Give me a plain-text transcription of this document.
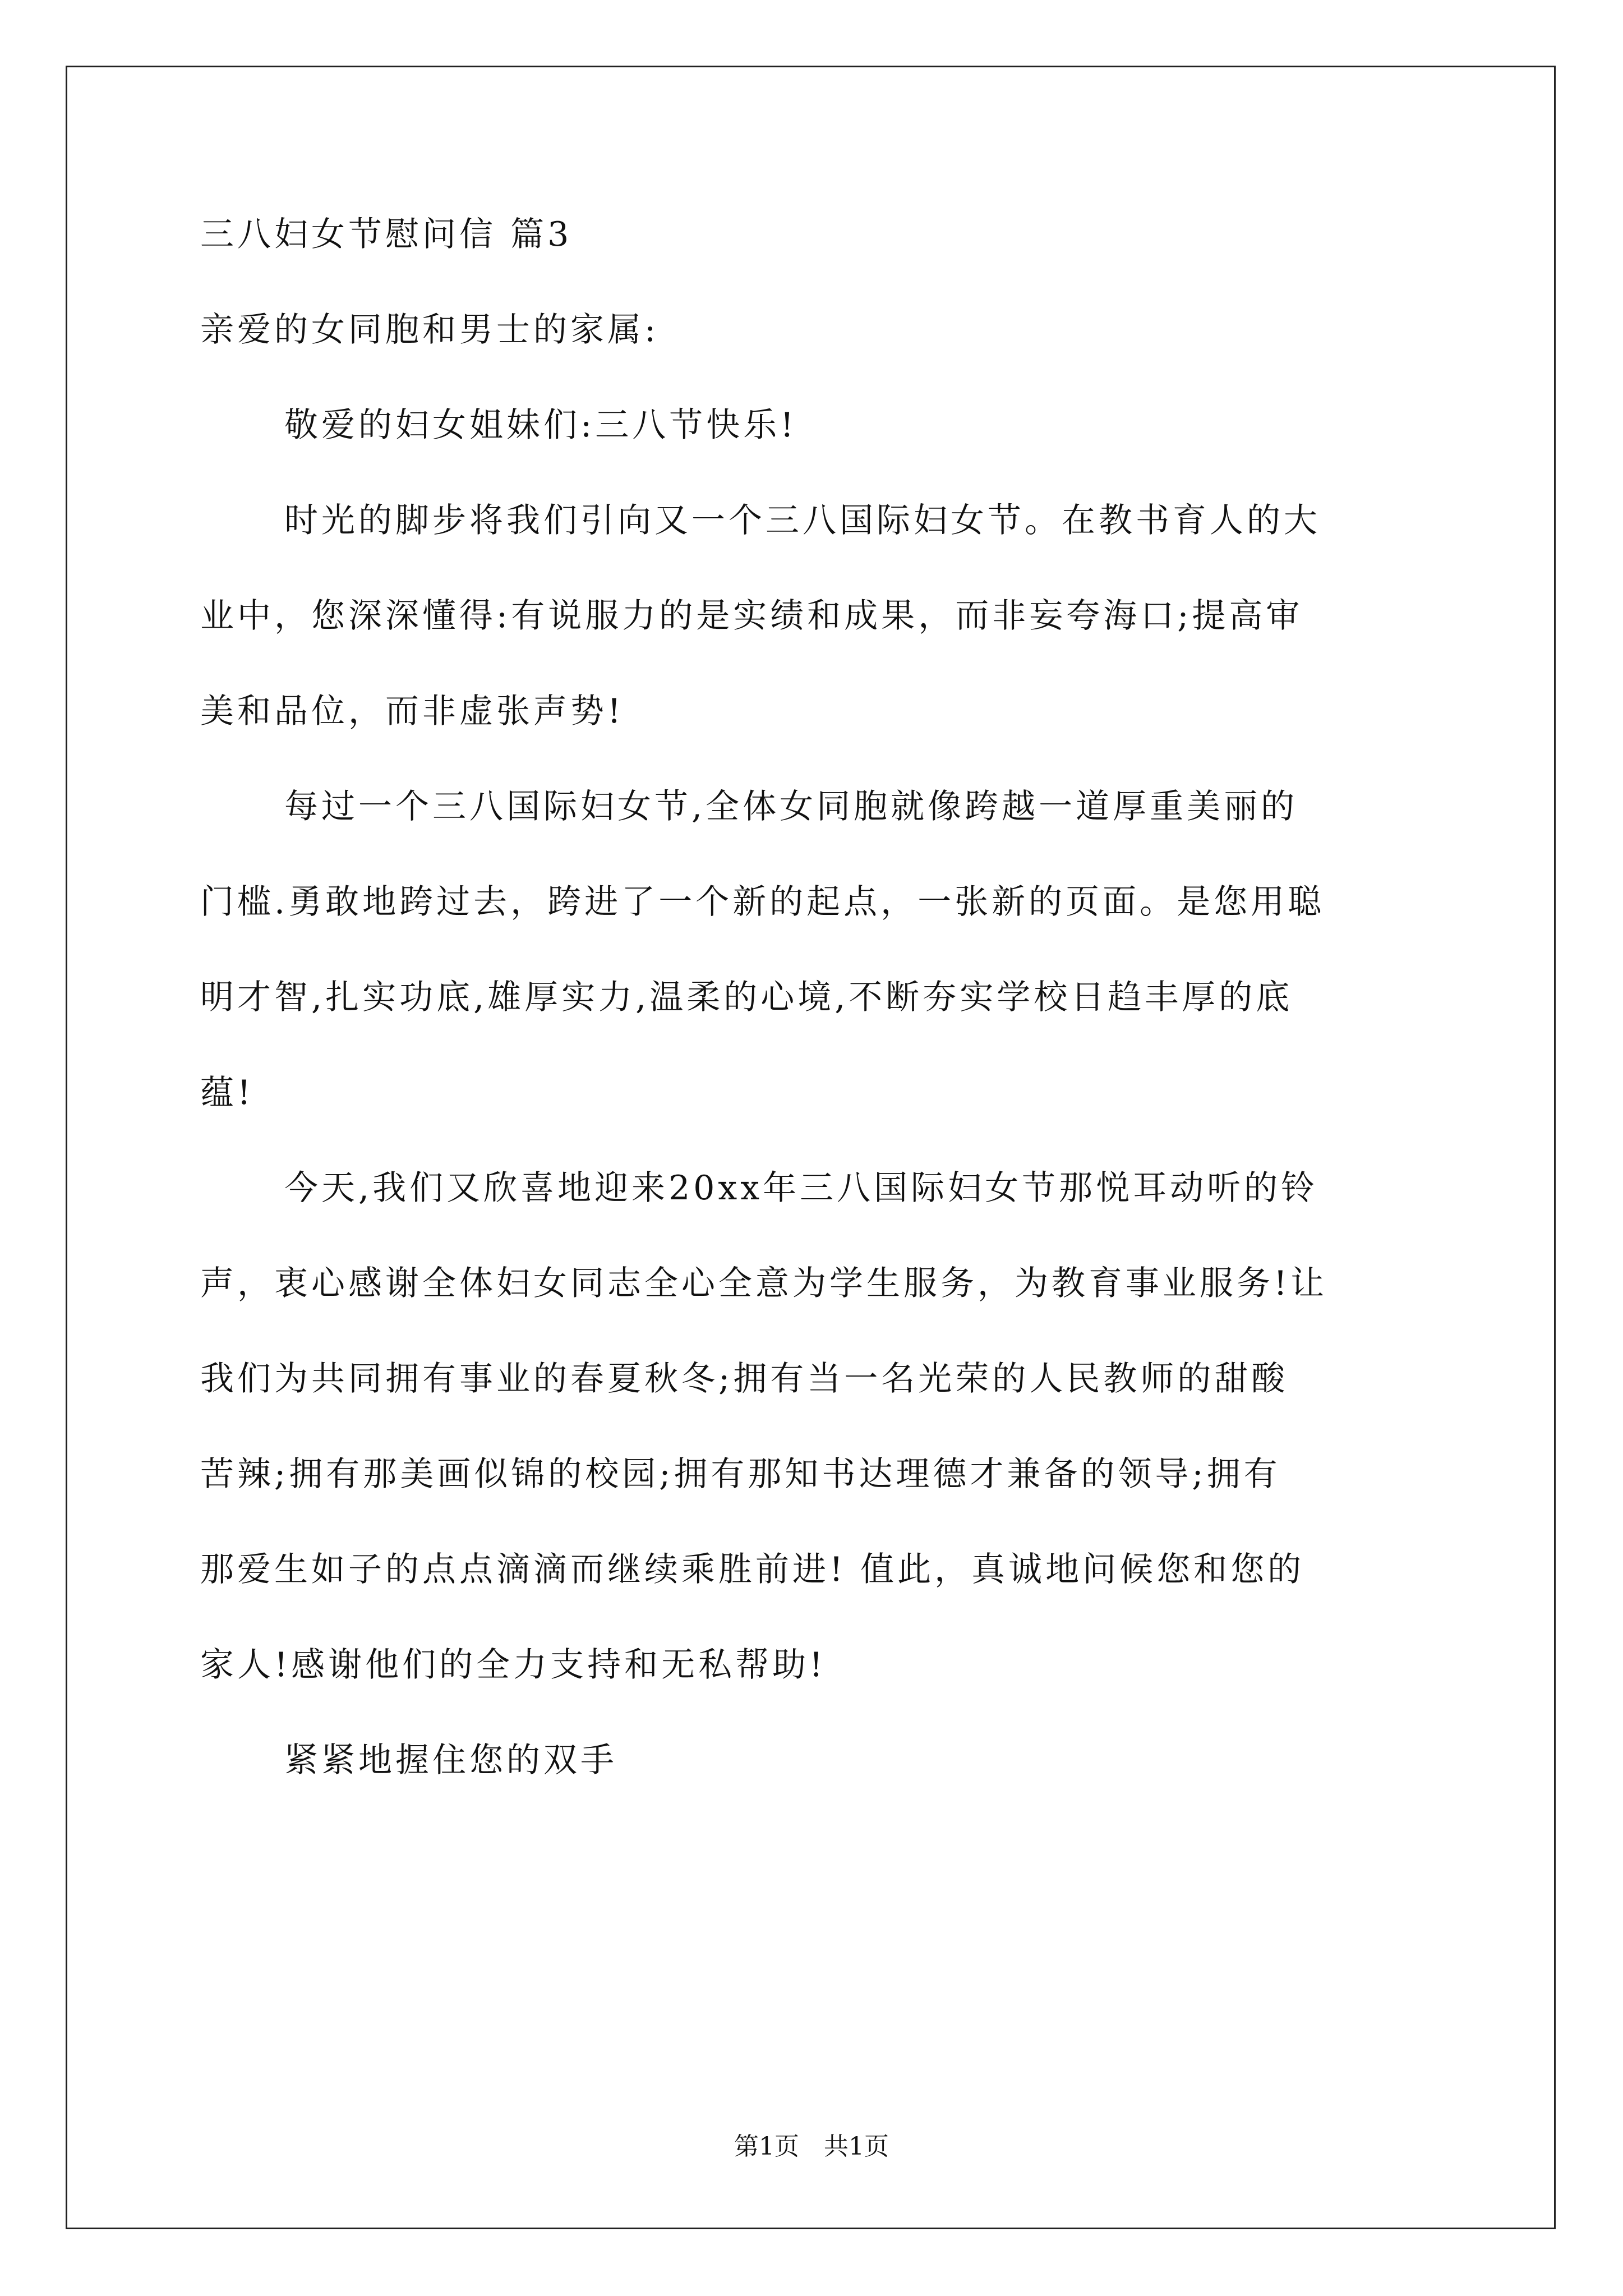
三八妇女节慰问信 篇3
亲爱的女同胞和男士的家属:
敬爱的妇女姐妹们:三八节快乐!
时光的脚步将我们引向又一个三八国际妇女节。在教书育人的大
业中，您深深懂得:有说服力的是实绩和成果，而非妄夸海口;提高审
美和品位，而非虚张声势!
每过一个三八国际妇女节,全体女同胞就像跨越一道厚重美丽的
门槛.勇敢地跨过去，跨进了一个新的起点，一张新的页面。是您用聪
明才智,扎实功底,雄厚实力,温柔的心境,不断夯实学校日趋丰厚的底
蕴!
今天,我们又欣喜地迎来20xx年三八国际妇女节那悦耳动听的铃
声，衷心感谢全体妇女同志全心全意为学生服务，为教育事业服务!让
我们为共同拥有事业的春夏秋冬;拥有当一名光荣的人民教师的甜酸
苦辣;拥有那美画似锦的校园;拥有那知书达理德才兼备的领导;拥有
那爱生如子的点点滴滴而继续乘胜前进! 值此，真诚地问候您和您的
家人!感谢他们的全力支持和无私帮助!
紧紧地握住您的双手
第1页　共1页
